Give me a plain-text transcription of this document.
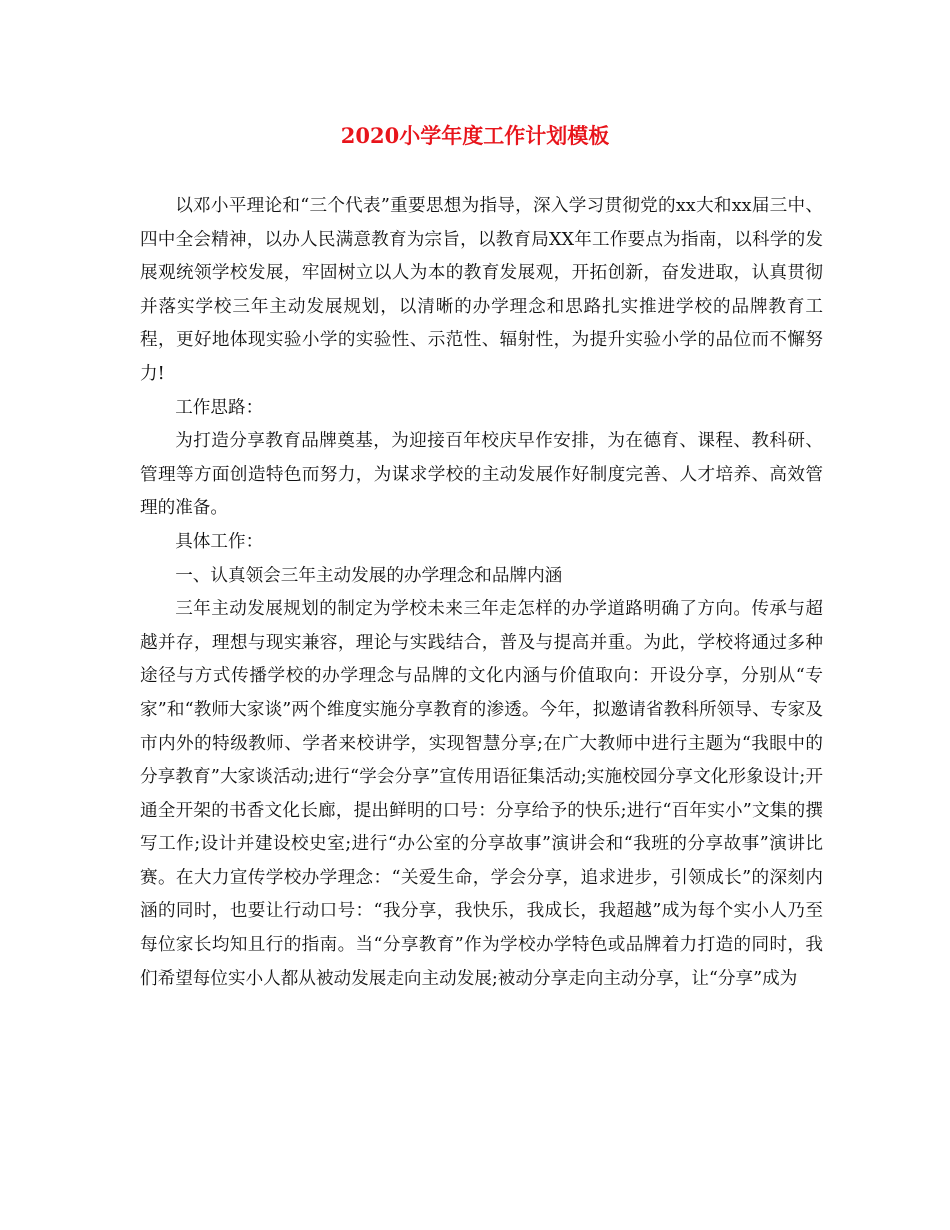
2020小学年度工作计划模板

以邓小平理论和“三个代表”重要思想为指导，深入学习贯彻党的xx大和xx届三中、四中全会精神，以办人民满意教育为宗旨，以教育局XX年工作要点为指南，以科学的发展观统领学校发展，牢固树立以人为本的教育发展观，开拓创新，奋发进取，认真贯彻并落实学校三年主动发展规划，以清晰的办学理念和思路扎实推进学校的品牌教育工程，更好地体现实验小学的实验性、示范性、辐射性，为提升实验小学的品位而不懈努力!

工作思路：

为打造分享教育品牌奠基，为迎接百年校庆早作安排，为在德育、课程、教科研、管理等方面创造特色而努力，为谋求学校的主动发展作好制度完善、人才培养、高效管理的准备。

具体工作：

一、认真领会三年主动发展的办学理念和品牌内涵

三年主动发展规划的制定为学校未来三年走怎样的办学道路明确了方向。传承与超越并存，理想与现实兼容，理论与实践结合，普及与提高并重。为此，学校将通过多种途径与方式传播学校的办学理念与品牌的文化内涵与价值取向：开设分享，分别从“专家”和“教师大家谈”两个维度实施分享教育的渗透。今年，拟邀请省教科所领导、专家及市内外的特级教师、学者来校讲学，实现智慧分享;在广大教师中进行主题为“我眼中的分享教育”大家谈活动;进行“学会分享”宣传用语征集活动;实施校园分享文化形象设计;开通全开架的书香文化长廊，提出鲜明的口号：分享给予的快乐;进行“百年实小”文集的撰写工作;设计并建设校史室;进行“办公室的分享故事”演讲会和“我班的分享故事”演讲比赛。在大力宣传学校办学理念：“关爱生命，学会分享，追求进步，引领成长”的深刻内涵的同时，也要让行动口号：“我分享，我快乐，我成长，我超越”成为每个实小人乃至每位家长均知且行的指南。当“分享教育”作为学校办学特色或品牌着力打造的同时，我们希望每位实小人都从被动发展走向主动发展;被动分享走向主动分享，让“分享”成为
